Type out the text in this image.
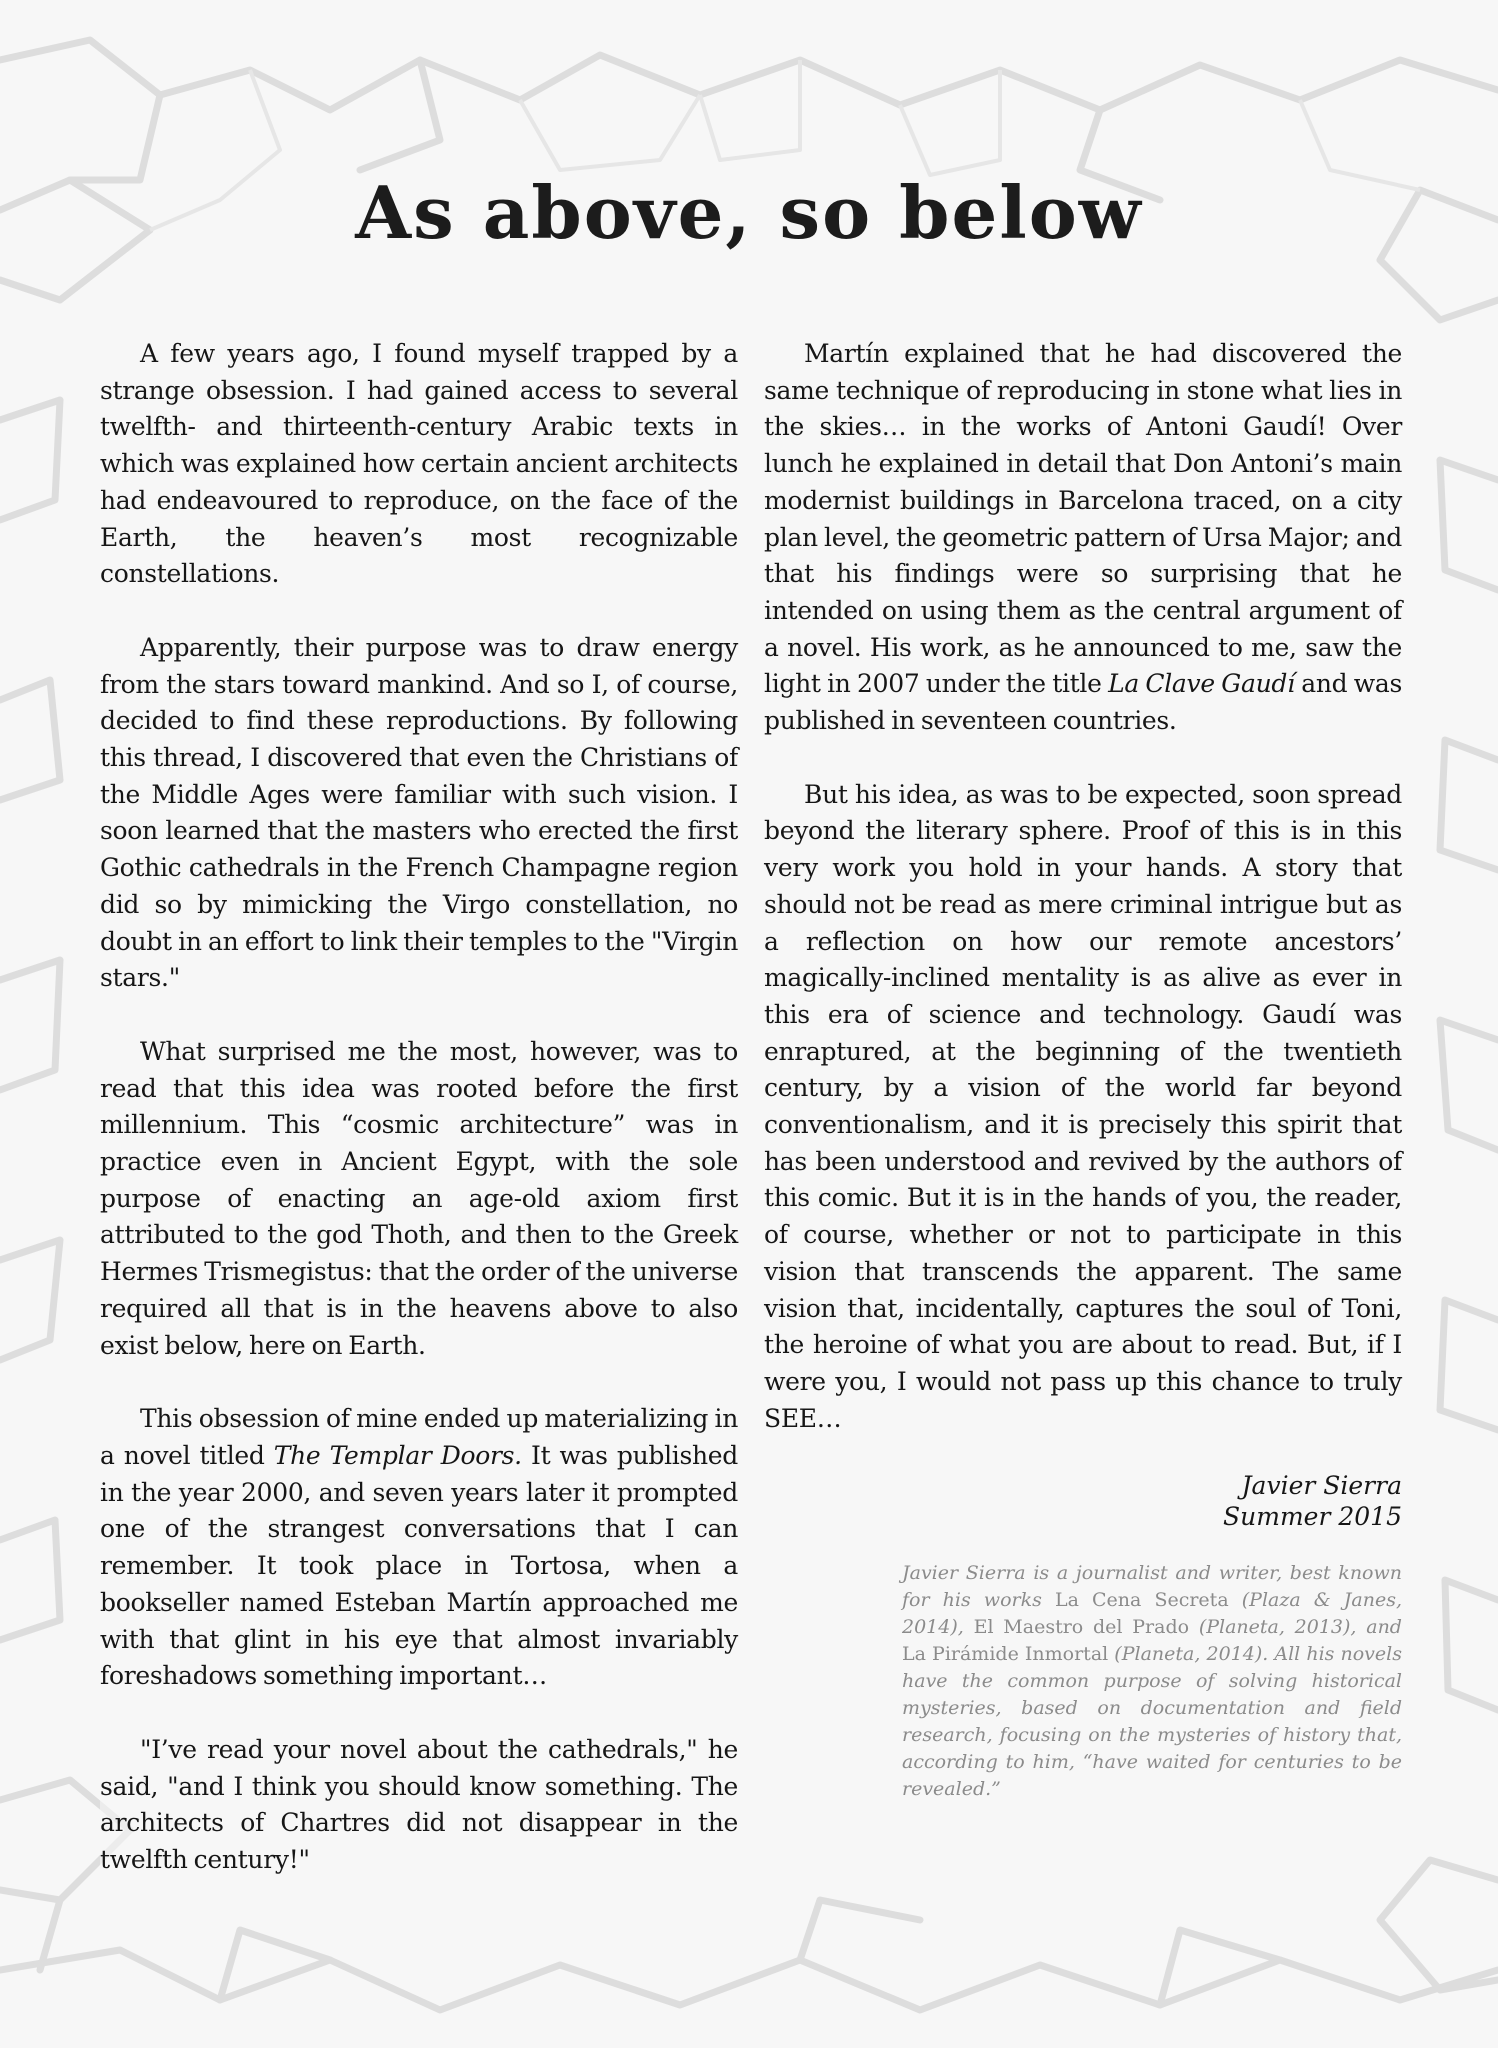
As above, so below

A few years ago, I found myself trapped by a strange obsession. I had gained access to several twelfth- and thirteenth-century Arabic texts in which was explained how certain ancient architects had endeavoured to reproduce, on the face of the Earth, the heaven’s most recognizable constellations.

Apparently, their purpose was to draw energy from the stars toward mankind. And so I, of course, decided to find these reproductions. By following this thread, I discovered that even the Christians of the Middle Ages were familiar with such vision. I soon learned that the masters who erected the first Gothic cathedrals in the French Champagne region did so by mimicking the Virgo constellation, no doubt in an effort to link their temples to the "Virgin stars."

What surprised me the most, however, was to read that this idea was rooted before the first millennium. This “cosmic architecture” was in practice even in Ancient Egypt, with the sole purpose of enacting an age-old axiom first attributed to the god Thoth, and then to the Greek Hermes Trismegistus: that the order of the universe required all that is in the heavens above to also exist below, here on Earth.

This obsession of mine ended up materializing in a novel titled The Templar Doors. It was published in the year 2000, and seven years later it prompted one of the strangest conversations that I can remember. It took place in Tortosa, when a bookseller named Esteban Martín approached me with that glint in his eye that almost invariably foreshadows something important…

"I’ve read your novel about the cathedrals," he said, "and I think you should know something. The architects of Chartres did not disappear in the twelfth century!"

Martín explained that he had discovered the same technique of reproducing in stone what lies in the skies… in the works of Antoni Gaudí! Over lunch he explained in detail that Don Antoni’s main modernist buildings in Barcelona traced, on a city plan level, the geometric pattern of Ursa Major; and that his findings were so surprising that he intended on using them as the central argument of a novel. His work, as he announced to me, saw the light in 2007 under the title La Clave Gaudí and was published in seventeen countries.

But his idea, as was to be expected, soon spread beyond the literary sphere. Proof of this is in this very work you hold in your hands. A story that should not be read as mere criminal intrigue but as a reflection on how our remote ancestors’ magically-inclined mentality is as alive as ever in this era of science and technology. Gaudí was enraptured, at the beginning of the twentieth century, by a vision of the world far beyond conventionalism, and it is precisely this spirit that has been understood and revived by the authors of this comic. But it is in the hands of you, the reader, of course, whether or not to participate in this vision that transcends the apparent. The same vision that, incidentally, captures the soul of Toni, the heroine of what you are about to read. But, if I were you, I would not pass up this chance to truly SEE…

Javier Sierra
Summer 2015
Javier Sierra is a journalist and writer, best known for his works La Cena Secreta (Plaza & Janes, 2014), El Maestro del Prado (Planeta, 2013), and La Pirámide Inmortal (Planeta, 2014). All his novels have the common purpose of solving historical mysteries, based on documentation and field research, focusing on the mysteries of history that, according to him, “have waited for centuries to be revealed.”
